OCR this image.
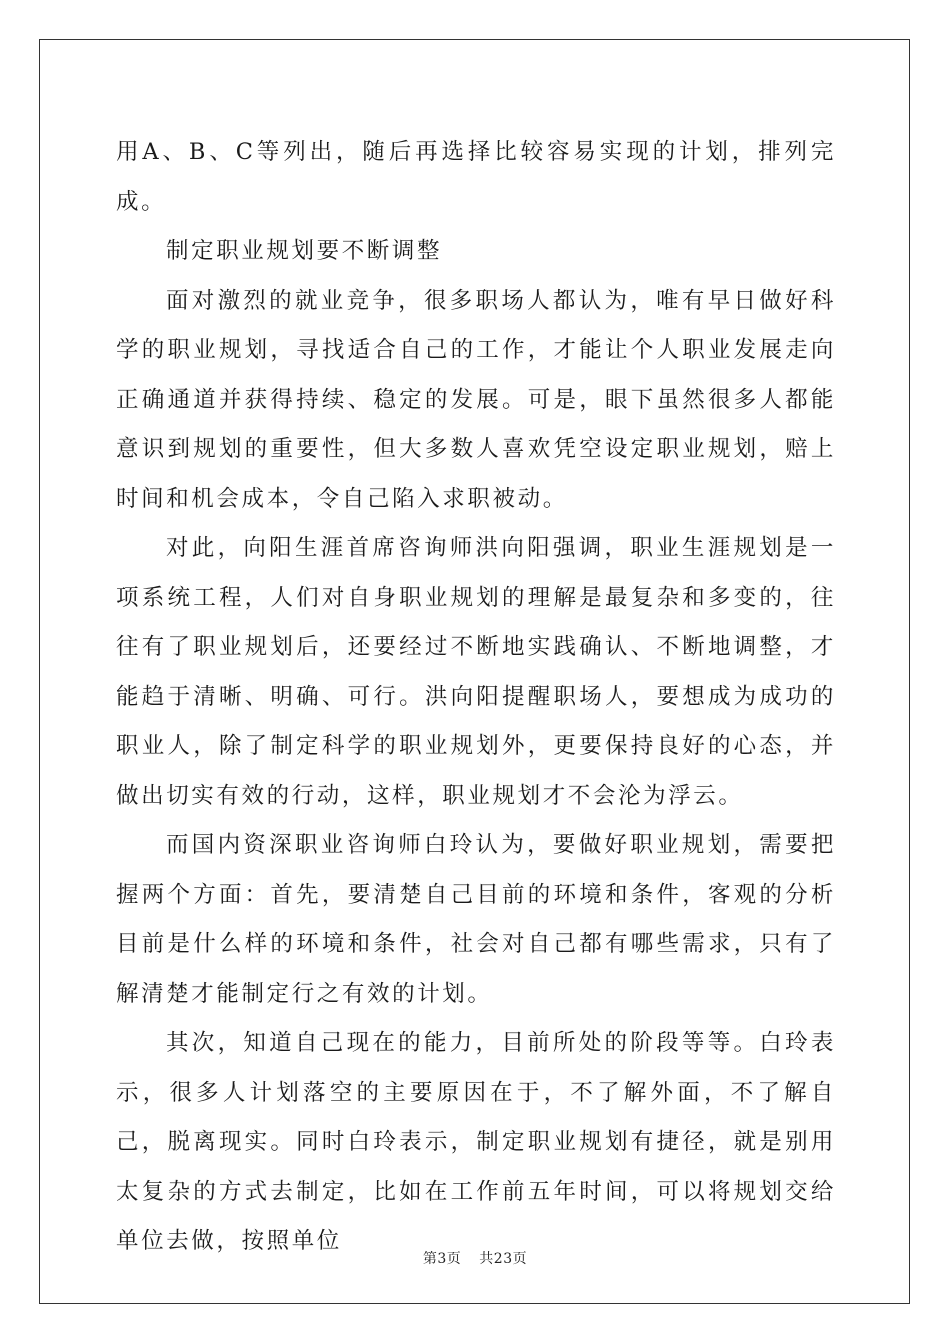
用A、B、C等列出，随后再选择比较容易实现的计划，排列完成。

制定职业规划要不断调整

面对激烈的就业竞争，很多职场人都认为，唯有早日做好科学的职业规划，寻找适合自己的工作，才能让个人职业发展走向正确通道并获得持续、稳定的发展。可是，眼下虽然很多人都能意识到规划的重要性，但大多数人喜欢凭空设定职业规划，赔上时间和机会成本，令自己陷入求职被动。

对此，向阳生涯首席咨询师洪向阳强调，职业生涯规划是一项系统工程，人们对自身职业规划的理解是最复杂和多变的，往往有了职业规划后，还要经过不断地实践确认、不断地调整，才能趋于清晰、明确、可行。洪向阳提醒职场人，要想成为成功的职业人，除了制定科学的职业规划外，更要保持良好的心态，并做出切实有效的行动，这样，职业规划才不会沦为浮云。

而国内资深职业咨询师白玲认为，要做好职业规划，需要把握两个方面：首先，要清楚自己目前的环境和条件，客观的分析目前是什么样的环境和条件，社会对自己都有哪些需求，只有了解清楚才能制定行之有效的计划。

其次，知道自己现在的能力，目前所处的阶段等等。白玲表示，很多人计划落空的主要原因在于，不了解外面，不了解自己，脱离现实。同时白玲表示，制定职业规划有捷径，就是别用太复杂的方式去制定，比如在工作前五年时间，可以将规划交给单位去做，按照单位

第3页 共23页
